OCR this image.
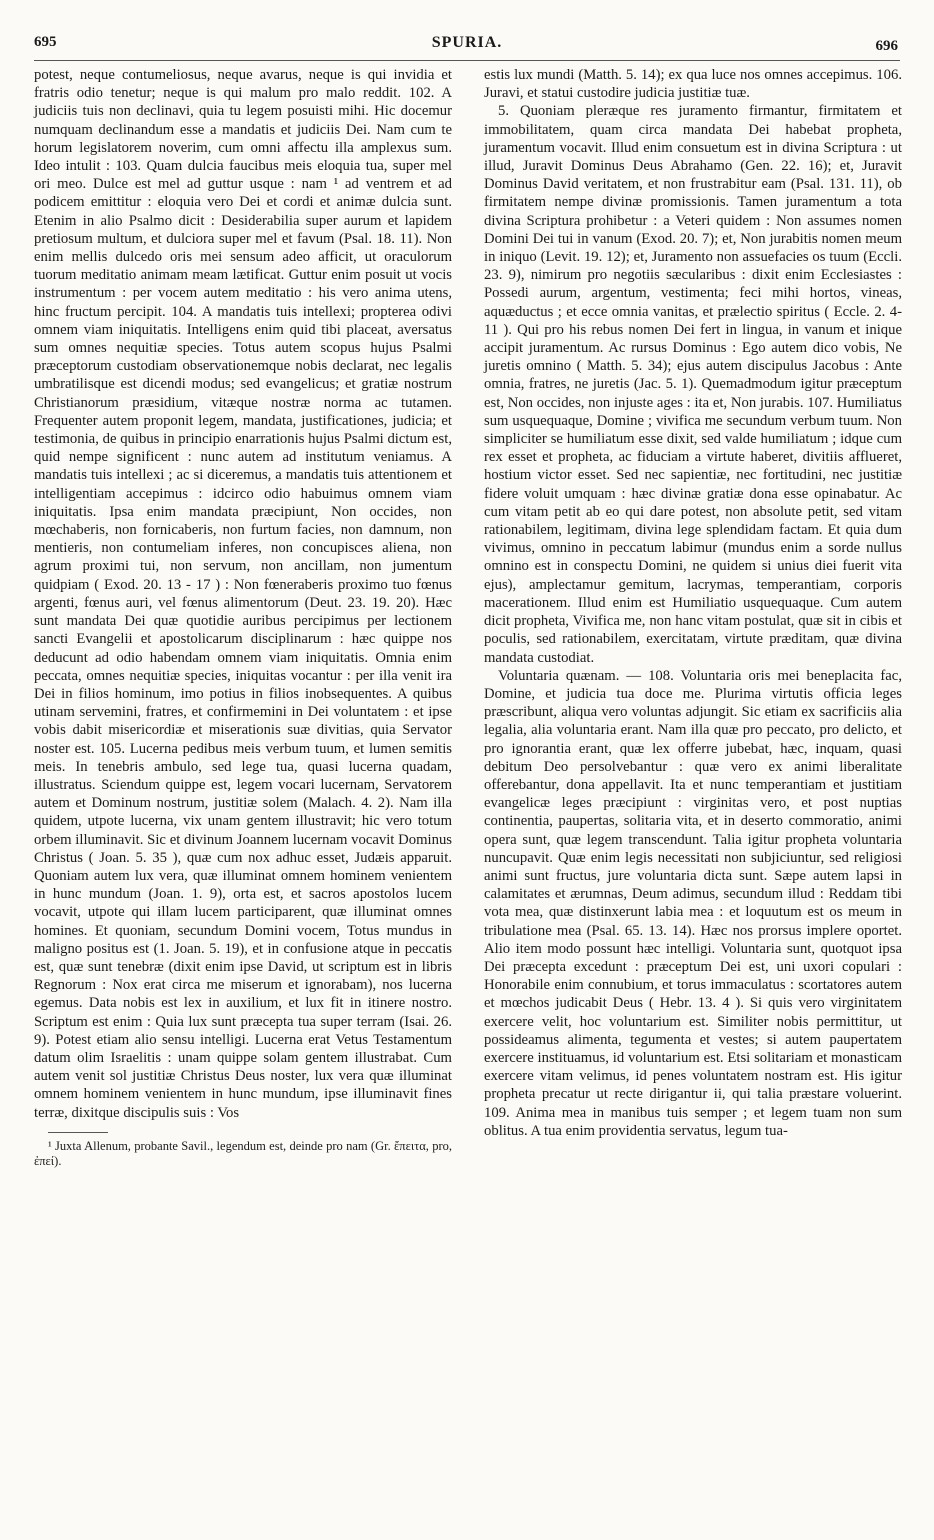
695	SPURIA.	696

potest, neque contumeliosus, neque avarus, neque is qui invidia et fratris odio tenetur; neque is qui malum pro malo reddit. 102. A judiciis tuis non declinavi, quia tu legem posuisti mihi. Hic docemur numquam declinandum esse a mandatis et judiciis Dei. Nam cum te horum legislatorem noverim, cum omni affectu illa amplexus sum. Ideo intulit : 103. Quam dulcia faucibus meis eloquia tua, super mel ori meo. Dulce est mel ad guttur usque : nam ¹ ad ventrem et ad podicem emittitur : eloquia vero Dei et cordi et animæ dulcia sunt. Etenim in alio Psalmo dicit : Desiderabilia super aurum et lapidem pretiosum multum, et dulciora super mel et favum (Psal. 18. 11). Non enim mellis dulcedo oris mei sensum adeo afficit, ut oraculorum tuorum meditatio animam meam lætificat. Guttur enim posuit ut vocis instrumentum : per vocem autem meditatio : his vero anima utens, hinc fructum percipit. 104. A mandatis tuis intellexi; propterea odivi omnem viam iniquitatis. Intelligens enim quid tibi placeat, aversatus sum omnes nequitiæ species. Totus autem scopus hujus Psalmi præceptorum custodiam observationemque nobis declarat, nec legalis umbratilisque est dicendi modus; sed evangelicus; et gratiæ nostrum Christianorum præsidium, vitæque nostræ norma ac tutamen. Frequenter autem proponit legem, mandata, justificationes, judicia; et testimonia, de quibus in principio enarrationis hujus Psalmi dictum est, quid nempe significent : nunc autem ad institutum veniamus. A mandatis tuis intellexi ; ac si diceremus, a mandatis tuis attentionem et intelligentiam accepimus : idcirco odio habuimus omnem viam iniquitatis. Ipsa enim mandata præcipiunt, Non occides, non mœchaberis, non fornicaberis, non furtum facies, non damnum, non mentieris, non contumeliam inferes, non concupisces aliena, non agrum proximi tui, non servum, non ancillam, non jumentum quidpiam ( Exod. 20. 13 - 17 ) : Non fœneraberis proximo tuo fœnus argenti, fœnus auri, vel fœnus alimentorum (Deut. 23. 19. 20). Hæc sunt mandata Dei quæ quotidie auribus percipimus per lectionem sancti Evangelii et apostolicarum disciplinarum : hæc quippe nos deducunt ad odio habendam omnem viam iniquitatis. Omnia enim peccata, omnes nequitiæ species, iniquitas vocantur : per illa venit ira Dei in filios hominum, imo potius in filios inobsequentes. A quibus utinam servemini, fratres, et confirmemini in Dei voluntatem : et ipse vobis dabit misericordiæ et miserationis suæ divitias, quia Servator noster est. 105. Lucerna pedibus meis verbum tuum, et lumen semitis meis. In tenebris ambulo, sed lege tua, quasi lucerna quadam, illustratus. Sciendum quippe est, legem vocari lucernam, Servatorem autem et Dominum nostrum, justitiæ solem (Malach. 4. 2). Nam illa quidem, utpote lucerna, vix unam gentem illustravit; hic vero totum orbem illuminavit. Sic et divinum Joannem lucernam vocavit Dominus Christus ( Joan. 5. 35 ), quæ cum nox adhuc esset, Judæis apparuit. Quoniam autem lux vera, quæ illuminat omnem hominem venientem in hunc mundum (Joan. 1. 9), orta est, et sacros apostolos lucem vocavit, utpote qui illam lucem participarent, quæ illuminat omnes homines. Et quoniam, secundum Domini vocem, Totus mundus in maligno positus est (1. Joan. 5. 19), et in confusione atque in peccatis est, quæ sunt tenebræ (dixit enim ipse David, ut scriptum est in libris Regnorum : Nox erat circa me miserum et ignorabam), nos lucerna egemus. Data nobis est lex in auxilium, et lux fit in itinere nostro. Scriptum est enim : Quia lux sunt præcepta tua super terram (Isai. 26. 9). Potest etiam alio sensu intelligi. Lucerna erat Vetus Testamentum datum olim Israelitis : unam quippe solam gentem illustrabat. Cum autem venit sol justitiæ Christus Deus noster, lux vera quæ illuminat omnem hominem venientem in hunc mundum, ipse illuminavit fines terræ, dixitque discipulis suis : Vos

¹ Juxta Allenum, probante Savil., legendum est, deinde pro nam (Gr. ἔπειτα, pro, ἐπεί).

estis lux mundi (Matth. 5. 14); ex qua luce nos omnes accepimus. 106. Juravi, et statui custodire judicia justitiæ tuæ.

5. Quoniam pleræque res juramento firmantur, firmitatem et immobilitatem, quam circa mandata Dei habebat propheta, juramentum vocavit. Illud enim consuetum est in divina Scriptura : ut illud, Juravit Dominus Deus Abrahamo (Gen. 22. 16); et, Juravit Dominus David veritatem, et non frustrabitur eam (Psal. 131. 11), ob firmitatem nempe divinæ promissionis. Tamen juramentum a tota divina Scriptura prohibetur : a Veteri quidem : Non assumes nomen Domini Dei tui in vanum (Exod. 20. 7); et, Non jurabitis nomen meum in iniquo (Levit. 19. 12); et, Juramento non assuefacies os tuum (Eccli. 23. 9), nimirum pro negotiis sæcularibus : dixit enim Ecclesiastes : Possedi aurum, argentum, vestimenta; feci mihi hortos, vineas, aquæductus ; et ecce omnia vanitas, et prælectio spiritus ( Eccle. 2. 4-11 ). Qui pro his rebus nomen Dei fert in lingua, in vanum et inique accipit juramentum. Ac rursus Dominus : Ego autem dico vobis, Ne juretis omnino ( Matth. 5. 34); ejus autem discipulus Jacobus : Ante omnia, fratres, ne juretis (Jac. 5. 1). Quemadmodum igitur præceptum est, Non occides, non injuste ages : ita et, Non jurabis. 107. Humiliatus sum usquequaque, Domine ; vivifica me secundum verbum tuum. Non simpliciter se humiliatum esse dixit, sed valde humiliatum ; idque cum rex esset et propheta, ac fiduciam a virtute haberet, divitiis afflueret, hostium victor esset. Sed nec sapientiæ, nec fortitudini, nec justitiæ fidere voluit umquam : hæc divinæ gratiæ dona esse opinabatur. Ac cum vitam petit ab eo qui dare potest, non absolute petit, sed vitam rationabilem, legitimam, divina lege splendidam factam. Et quia dum vivimus, omnino in peccatum labimur (mundus enim a sorde nullus omnino est in conspectu Domini, ne quidem si unius diei fuerit vita ejus), amplectamur gemitum, lacrymas, temperantiam, corporis macerationem. Illud enim est Humiliatio usquequaque. Cum autem dicit propheta, Vivifica me, non hanc vitam postulat, quæ sit in cibis et poculis, sed rationabilem, exercitatam, virtute præditam, quæ divina mandata custodiat.

Voluntaria quænam. — 108. Voluntaria oris mei beneplacita fac, Domine, et judicia tua doce me. Plurima virtutis officia leges præscribunt, aliqua vero voluntas adjungit. Sic etiam ex sacrificiis alia legalia, alia voluntaria erant. Nam illa quæ pro peccato, pro delicto, et pro ignorantia erant, quæ lex offerre jubebat, hæc, inquam, quasi debitum Deo persolvebantur : quæ vero ex animi liberalitate offerebantur, dona appellavit. Ita et nunc temperantiam et justitiam evangelicæ leges præcipiunt : virginitas vero, et post nuptias continentia, paupertas, solitaria vita, et in deserto commoratio, animi opera sunt, quæ legem transcendunt. Talia igitur propheta voluntaria nuncupavit. Quæ enim legis necessitati non subjiciuntur, sed religiosi animi sunt fructus, jure voluntaria dicta sunt. Sæpe autem lapsi in calamitates et ærumnas, Deum adimus, secundum illud : Reddam tibi vota mea, quæ distinxerunt labia mea : et loquutum est os meum in tribulatione mea (Psal. 65. 13. 14). Hæc nos prorsus implere oportet. Alio item modo possunt hæc intelligi. Voluntaria sunt, quotquot ipsa Dei præcepta excedunt : præceptum Dei est, uni uxori copulari : Honorabile enim connubium, et torus immaculatus : scortatores autem et mœchos judicabit Deus ( Hebr. 13. 4 ). Si quis vero virginitatem exercere velit, hoc voluntarium est. Similiter nobis permittitur, ut possideamus alimenta, tegumenta et vestes; si autem paupertatem exercere instituamus, id voluntarium est. Etsi solitariam et monasticam exercere vitam velimus, id penes voluntatem nostram est. His igitur propheta precatur ut recte dirigantur ii, qui talia præstare voluerint. 109. Anima mea in manibus tuis semper ; et legem tuam non sum oblitus. A tua enim providentia servatus, legum tua-
